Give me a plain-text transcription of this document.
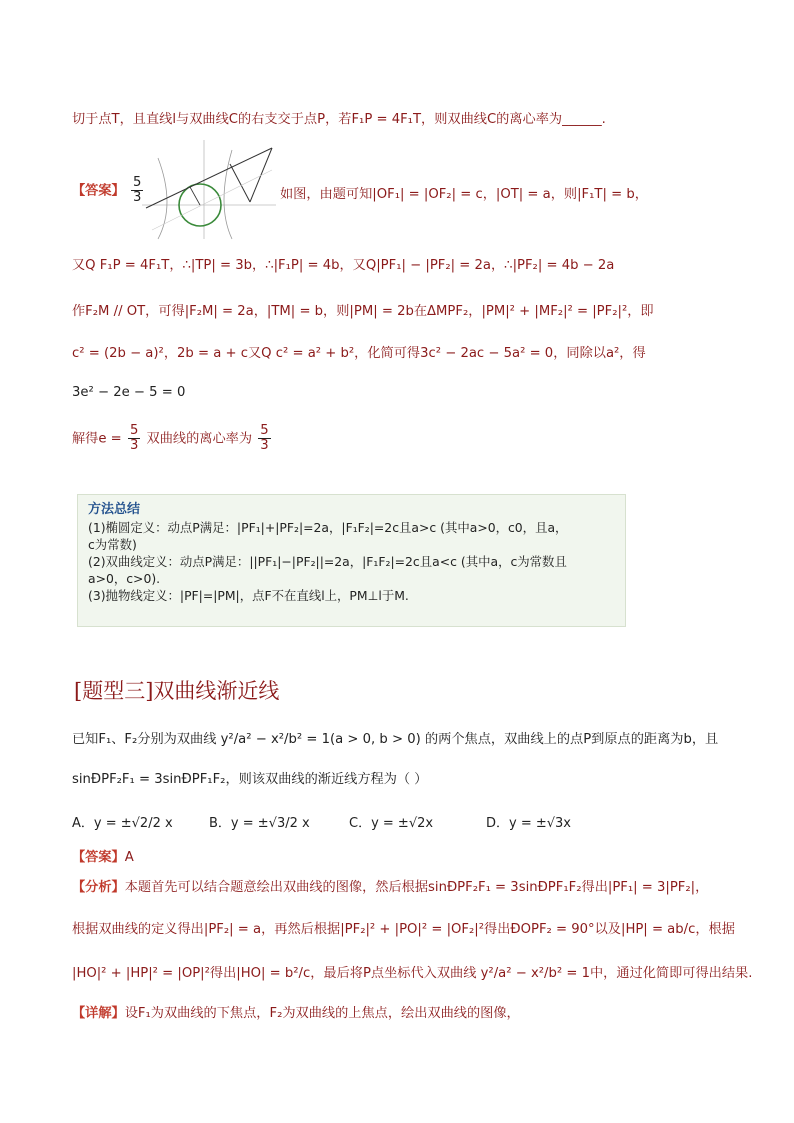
切于点T，且直线l与双曲线C的右支交于点P，若F₁P = 4F₁T，则双曲线C的离心率为______.
【答案】 $\frac{5}{3}$	如图，由题可知|OF₁| = |OF₂| = c，|OT| = a，则|F₁T| = b，
又Q F₁P = 4F₁T，∴|TP| = 3b，∴|F₁P| = 4b，又Q|PF₁| − |PF₂| = 2a，∴|PF₂| = 4b − 2a
作F₂M // OT，可得|F₂M| = 2a，|TM| = b，则|PM| = 2b在ΔMPF₂，|PM|² + |MF₂|² = |PF₂|²，即
c² = (2b − a)²，2b = a + c又Q c² = a² + b²，化简可得3c² − 2ac − 5a² = 0，同除以a²，得
3e² − 2e − 5 = 0
解得$e = \frac{5}{3}$ 双曲线的离心率为 $\frac{5}{3}$
方法总结
(1)椭圆定义：动点P满足：|PF₁|+|PF₂|=2a，|F₁F₂|=2c且a>c (其中a>0，c0，且a，
c为常数)
(2)双曲线定义：动点P满足：||PF₁|−|PF₂||=2a，|F₁F₂|=2c且a<c (其中a，c为常数且
a>0，c>0).
(3)抛物线定义：|PF|=|PM|，点F不在直线l上，PM⊥l于M.
[题型三]双曲线渐近线
已知F₁、F₂分别为双曲线 y²/a² − x²/b² = 1(a > 0, b > 0) 的两个焦点，双曲线上的点P到原点的距离为b，且
sinÐPF₂F₁ = 3sinÐPF₁F₂，则该双曲线的渐近线方程为（ ）
A．y = ±√2/2 x	B．y = ±√3/2 x	C．y = ±√2x	D．y = ±√3x
【答案】A
【分析】本题首先可以结合题意绘出双曲线的图像，然后根据sinÐPF₂F₁ = 3sinÐPF₁F₂得出|PF₁| = 3|PF₂|，
根据双曲线的定义得出|PF₂| = a，再然后根据|PF₂|² + |PO|² = |OF₂|²得出ÐOPF₂ = 90°以及|HP| = ab/c，根据
|HO|² + |HP|² = |OP|²得出|HO| = b²/c，最后将P点坐标代入双曲线 y²/a² − x²/b² = 1中，通过化简即可得出结果.
【详解】设F₁为双曲线的下焦点，F₂为双曲线的上焦点，绘出双曲线的图像，
